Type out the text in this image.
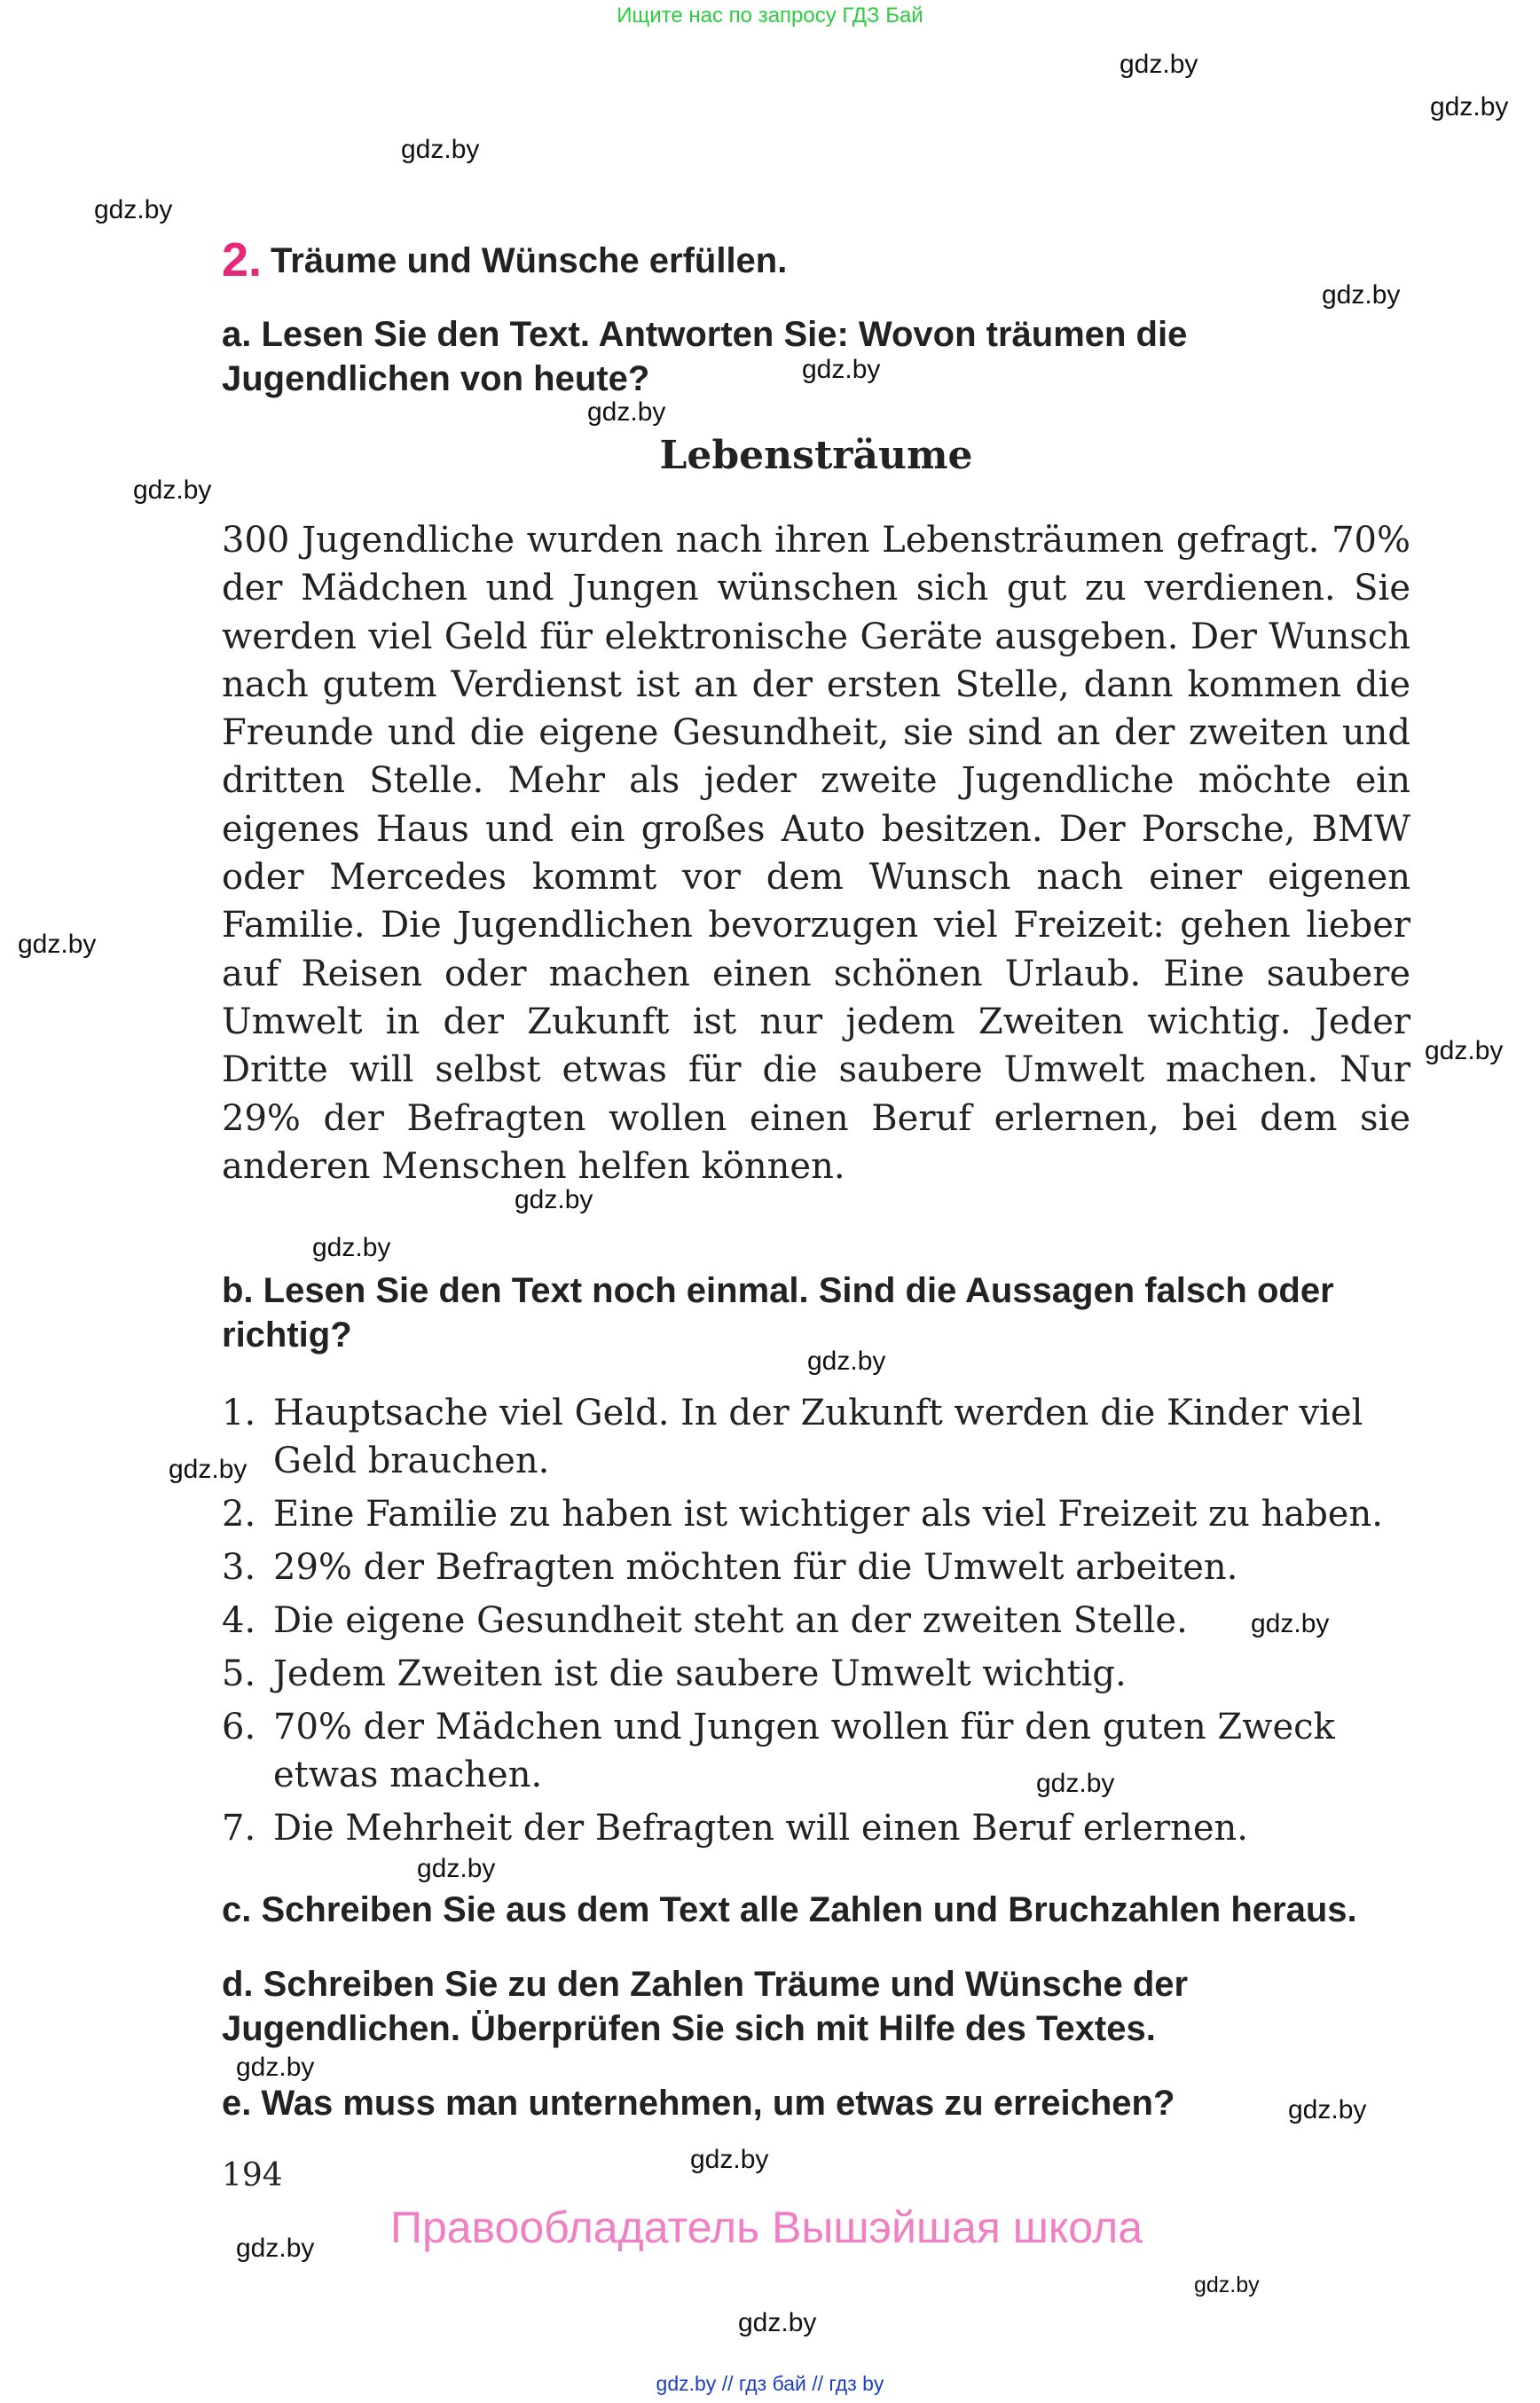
Ищите нас по запросу ГДЗ Бай
gdz.by
gdz.by
gdz.by
gdz.by
gdz.by
gdz.by
gdz.by
gdz.by
gdz.by
gdz.by
gdz.by
gdz.by
gdz.by
gdz.by
gdz.by
gdz.by
gdz.by
gdz.by
gdz.by
gdz.by
gdz.by
gdz.by
gdz.by
2. Träume und Wünsche erfüllen.
a. Lesen Sie den Text. Antworten Sie: Wovon träumen die Jugendlichen von heute?
Lebensträume
300 Jugendliche wurden nach ihren Lebensträumen gefragt. 70% der Mädchen und Jungen wünschen sich gut zu verdienen. Sie werden viel Geld für elektronische Geräte ausgeben. Der Wunsch nach gutem Verdienst ist an der ersten Stelle, dann kommen die Freunde und die eigene Gesundheit, sie sind an der zweiten und dritten Stelle. Mehr als jeder zweite Jugendliche möchte ein eigenes Haus und ein großes Auto besitzen. Der Porsche, BMW oder Mercedes kommt vor dem Wunsch nach einer eigenen Familie. Die Jugendlichen bevorzugen viel Freizeit: gehen lieber auf Reisen oder machen einen schönen Urlaub. Eine saubere Umwelt in der Zukunft ist nur jedem Zweiten wichtig. Jeder Dritte will selbst etwas für die saubere Umwelt machen. Nur 29% der Befragten wollen einen Beruf erlernen, bei dem sie anderen Menschen helfen können.
b. Lesen Sie den Text noch einmal. Sind die Aussagen falsch oder richtig?
1. Hauptsache viel Geld. In der Zukunft werden die Kinder viel Geld brauchen.
2. Eine Familie zu haben ist wichtiger als viel Freizeit zu haben.
3. 29% der Befragten möchten für die Umwelt arbeiten.
4. Die eigene Gesundheit steht an der zweiten Stelle.
5. Jedem Zweiten ist die saubere Umwelt wichtig.
6. 70% der Mädchen und Jungen wollen für den guten Zweck etwas machen.
7. Die Mehrheit der Befragten will einen Beruf erlernen.
c. Schreiben Sie aus dem Text alle Zahlen und Bruchzahlen heraus.
d. Schreiben Sie zu den Zahlen Träume und Wünsche der Jugendlichen. Überprüfen Sie sich mit Hilfe des Textes.
e. Was muss man unternehmen, um etwas zu erreichen?
194
Правообладатель Вышэйшая школа
gdz.by // гдз бай // гдз by
